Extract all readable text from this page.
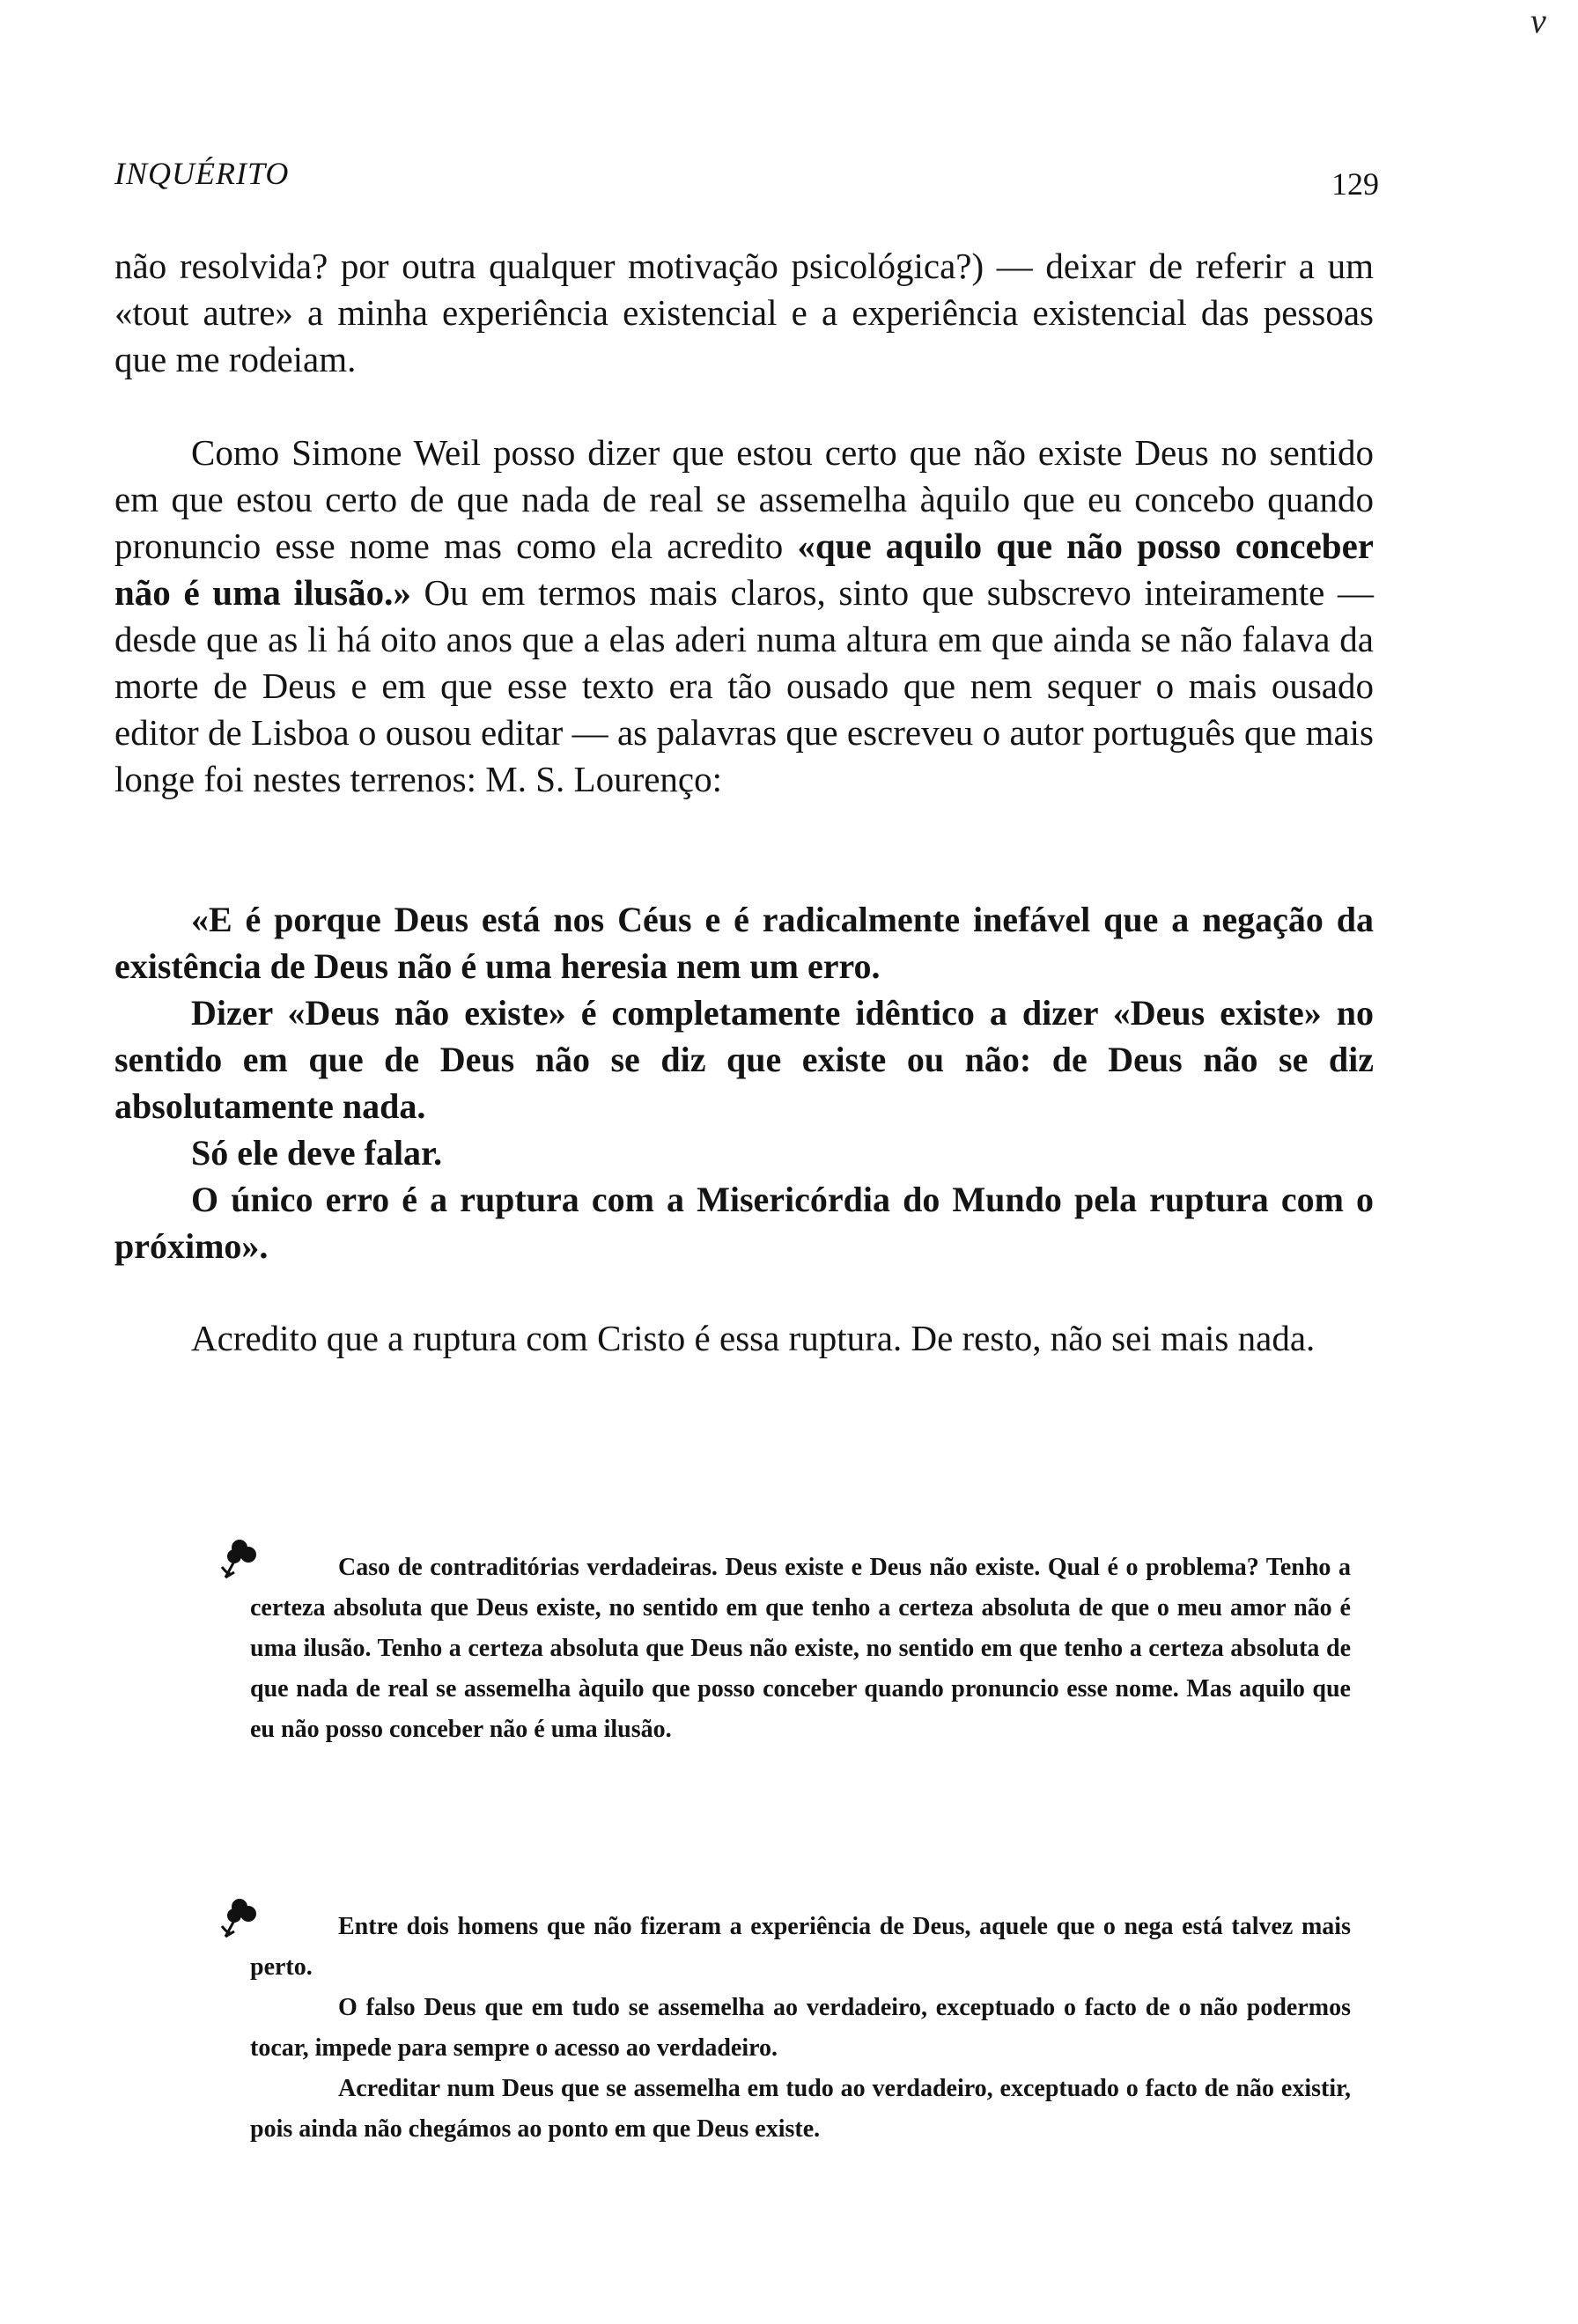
ᴠ
INQUÉRITO	129

não resolvida? por outra qualquer motivação psicológica?) — deixar de referir a um «tout autre» a minha experiência existencial e a experiência existencial das pessoas que me rodeiam.

Como Simone Weil posso dizer que estou certo que não existe Deus no sentido em que estou certo de que nada de real se assemelha àquilo que eu concebo quando pronuncio esse nome mas como ela acredito «que aquilo que não posso conceber não é uma ilusão.» Ou em termos mais claros, sinto que subscrevo inteiramente — desde que as li há oito anos que a elas aderi numa altura em que ainda se não falava da morte de Deus e em que esse texto era tão ousado que nem sequer o mais ousado editor de Lisboa o ousou editar — as palavras que escreveu o autor português que mais longe foi nestes terrenos: M. S. Lourenço:

«E é porque Deus está nos Céus e é radicalmente inefável que a negação da existência de Deus não é uma heresia nem um erro.

Dizer «Deus não existe» é completamente idêntico a dizer «Deus existe» no sentido em que de Deus não se diz que existe ou não: de Deus não se diz absolutamente nada.

Só ele deve falar.

O único erro é a ruptura com a Misericórdia do Mundo pela ruptura com o próximo».

Acredito que a ruptura com Cristo é essa ruptura. De resto, não sei mais nada.

Caso de contraditórias verdadeiras. Deus existe e Deus não existe. Qual é o problema? Tenho a certeza absoluta que Deus existe, no sentido em que tenho a certeza absoluta de que o meu amor não é uma ilusão. Tenho a certeza absoluta que Deus não existe, no sentido em que tenho a certeza absoluta de que nada de real se assemelha àquilo que posso conceber quando pronuncio esse nome. Mas aquilo que eu não posso conceber não é uma ilusão.

Entre dois homens que não fizeram a experiência de Deus, aquele que o nega está talvez mais perto.

O falso Deus que em tudo se assemelha ao verdadeiro, exceptuado o facto de o não podermos tocar, impede para sempre o acesso ao verdadeiro.

Acreditar num Deus que se assemelha em tudo ao verdadeiro, exceptuado o facto de não existir, pois ainda não chegámos ao ponto em que Deus existe.
